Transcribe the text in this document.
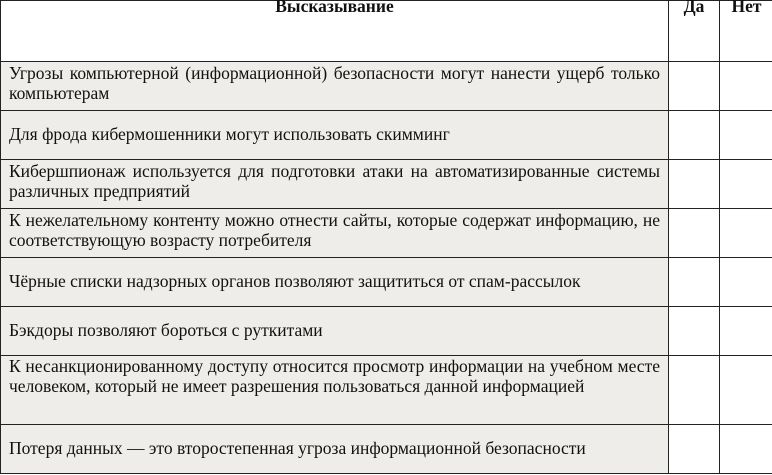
Высказывание	Да	Нет

Угрозы компьютерной (информационной) безопасности могут нанести ущерб только компьютерам		
Для фрода кибермошенники могут использовать скимминг		
Кибершпионаж используется для подготовки атаки на автоматизированные системы различных предприятий		
К нежелательному контенту можно отнести сайты, которые содержат информацию, не соответствующую возрасту потребителя		
Чёрные списки надзорных органов позволяют защититься от спам-рассылок		
Бэкдоры позволяют бороться с руткитами		
К несанкционированному доступу относится просмотр информации на учебном месте человеком, который не имеет разрешения пользоваться данной информацией		
Потеря данных — это второстепенная угроза информационной безопасности		
